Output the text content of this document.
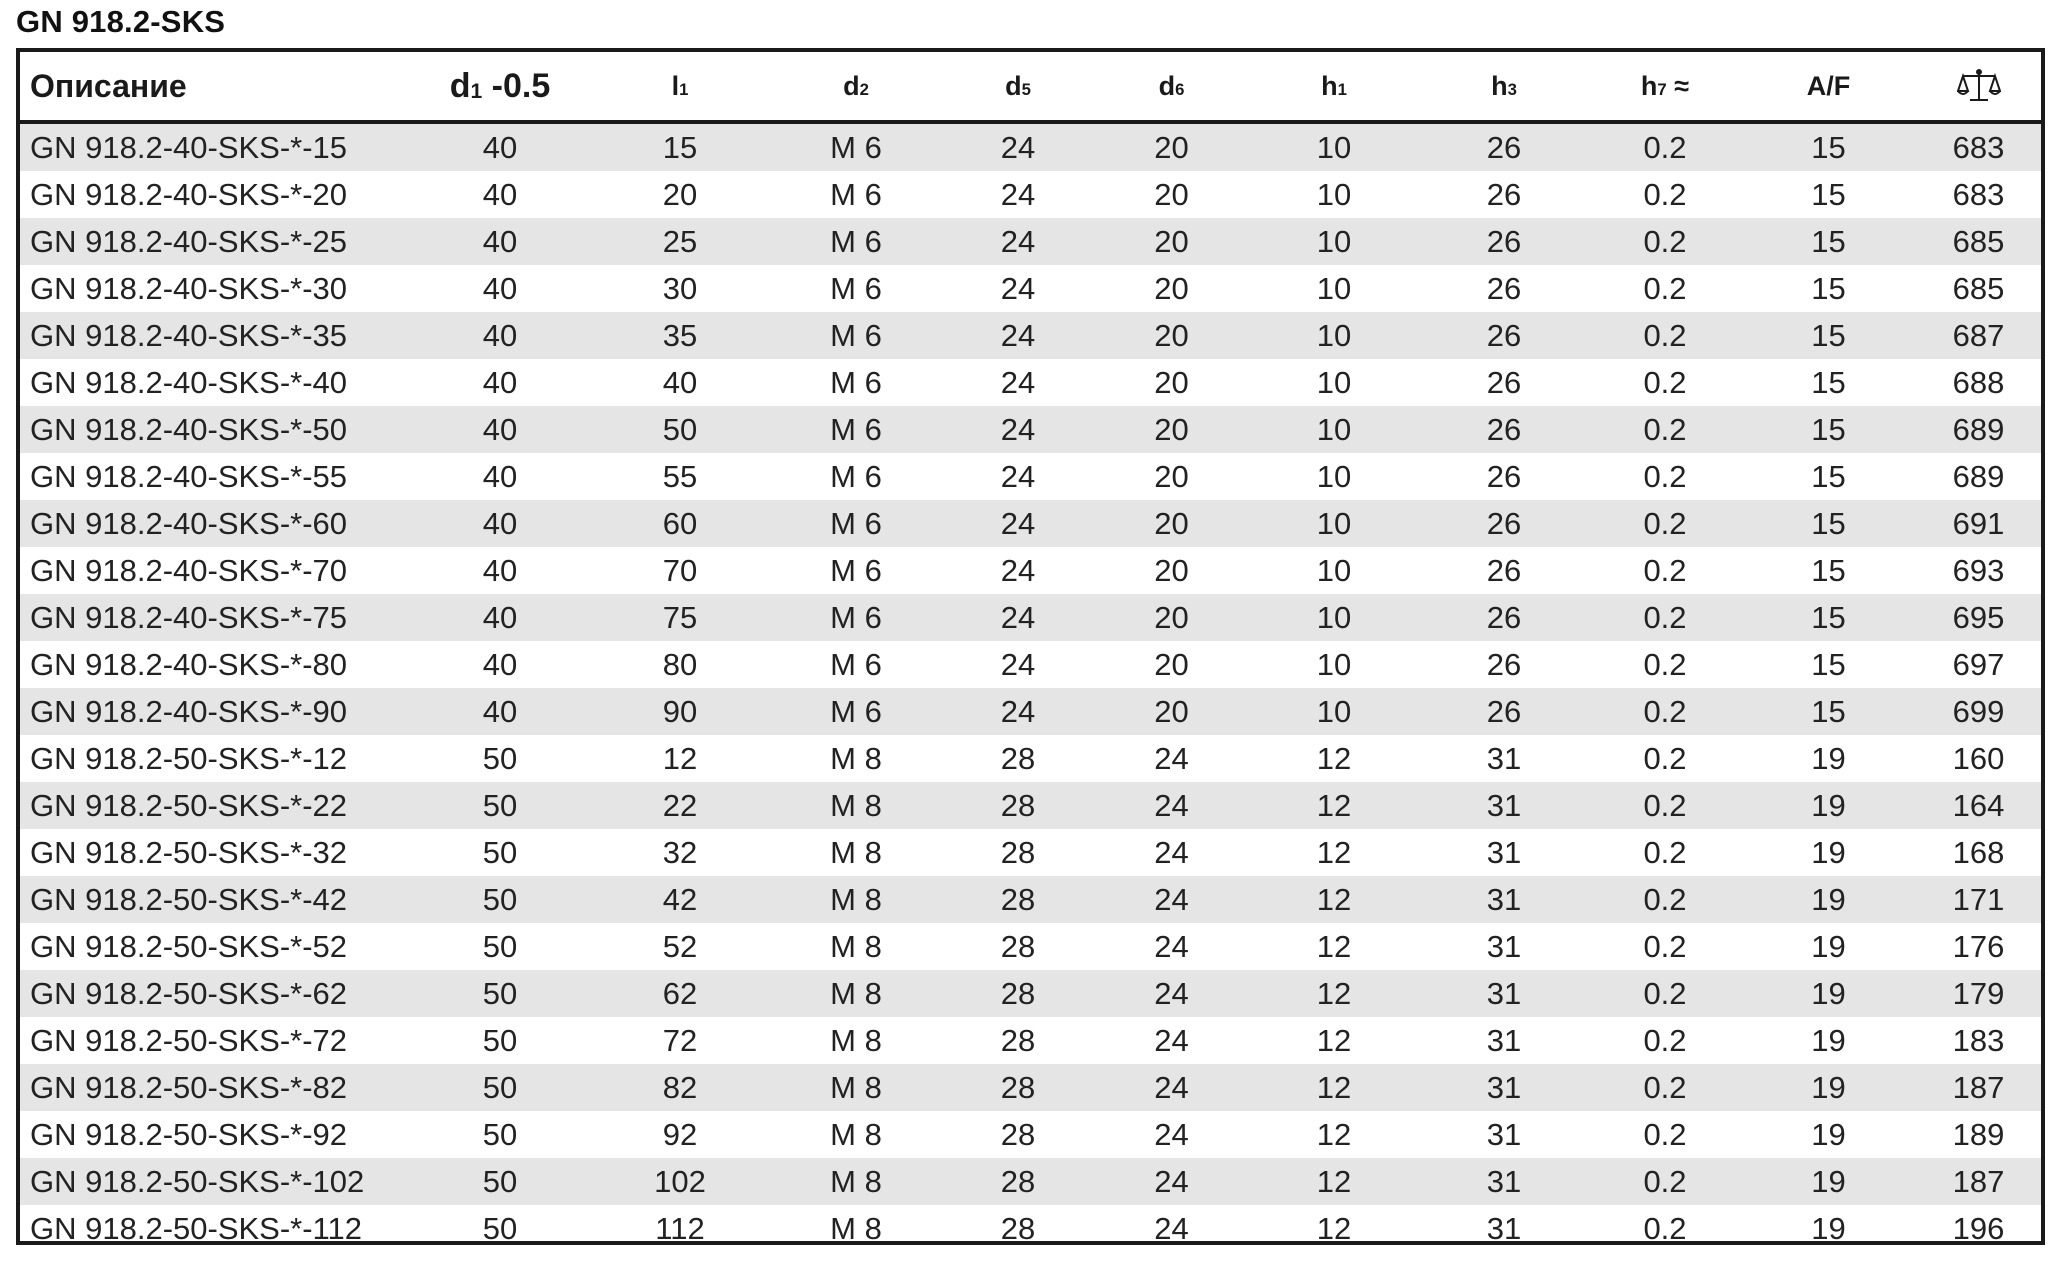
GN 918.2-SKS
Описание	$d_1$ -0.5	$l_1$	$d_2$	$d_5$	$d_6$	$h_1$	$h_3$	$h_7$ ≈	A/F	

GN 918.2-40-SKS-*-15	40	15	M 6	24	20	10	26	0.2	15	683
GN 918.2-40-SKS-*-20	40	20	M 6	24	20	10	26	0.2	15	683
GN 918.2-40-SKS-*-25	40	25	M 6	24	20	10	26	0.2	15	685
GN 918.2-40-SKS-*-30	40	30	M 6	24	20	10	26	0.2	15	685
GN 918.2-40-SKS-*-35	40	35	M 6	24	20	10	26	0.2	15	687
GN 918.2-40-SKS-*-40	40	40	M 6	24	20	10	26	0.2	15	688
GN 918.2-40-SKS-*-50	40	50	M 6	24	20	10	26	0.2	15	689
GN 918.2-40-SKS-*-55	40	55	M 6	24	20	10	26	0.2	15	689
GN 918.2-40-SKS-*-60	40	60	M 6	24	20	10	26	0.2	15	691
GN 918.2-40-SKS-*-70	40	70	M 6	24	20	10	26	0.2	15	693
GN 918.2-40-SKS-*-75	40	75	M 6	24	20	10	26	0.2	15	695
GN 918.2-40-SKS-*-80	40	80	M 6	24	20	10	26	0.2	15	697
GN 918.2-40-SKS-*-90	40	90	M 6	24	20	10	26	0.2	15	699
GN 918.2-50-SKS-*-12	50	12	M 8	28	24	12	31	0.2	19	160
GN 918.2-50-SKS-*-22	50	22	M 8	28	24	12	31	0.2	19	164
GN 918.2-50-SKS-*-32	50	32	M 8	28	24	12	31	0.2	19	168
GN 918.2-50-SKS-*-42	50	42	M 8	28	24	12	31	0.2	19	171
GN 918.2-50-SKS-*-52	50	52	M 8	28	24	12	31	0.2	19	176
GN 918.2-50-SKS-*-62	50	62	M 8	28	24	12	31	0.2	19	179
GN 918.2-50-SKS-*-72	50	72	M 8	28	24	12	31	0.2	19	183
GN 918.2-50-SKS-*-82	50	82	M 8	28	24	12	31	0.2	19	187
GN 918.2-50-SKS-*-92	50	92	M 8	28	24	12	31	0.2	19	189
GN 918.2-50-SKS-*-102	50	102	M 8	28	24	12	31	0.2	19	187
GN 918.2-50-SKS-*-112	50	112	M 8	28	24	12	31	0.2	19	196
